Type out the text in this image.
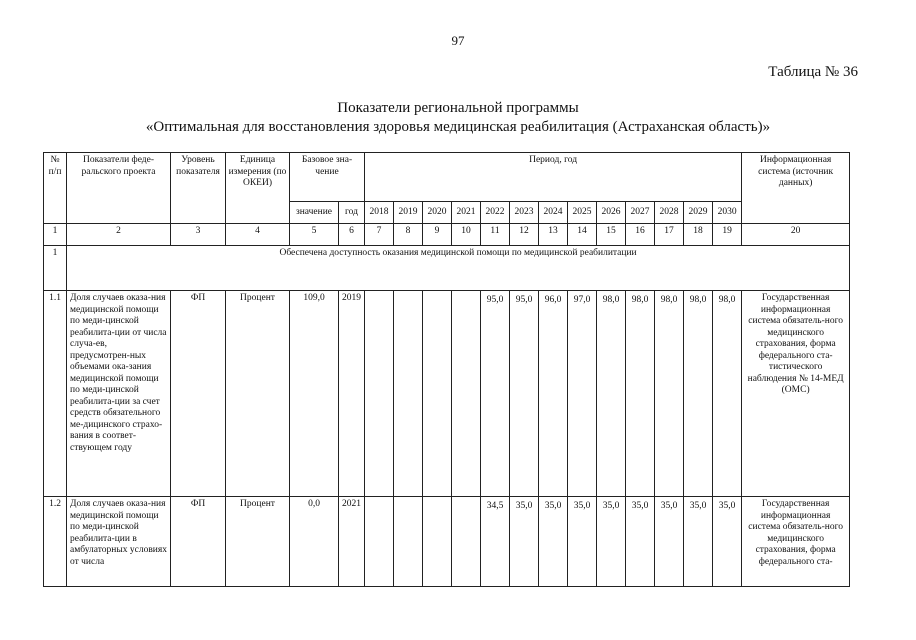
97
Таблица № 36
Показатели региональной программы
«Оптимальная для восстановления здоровья медицинская реабилитация (Астраханская область)»
№ п/п	Показатели феде-ральского проекта	Уровень показателя	Единица измерения (по ОКЕИ)	Базовое зна-чение		Период, год													Информационная система (источник данных)
				значение	год	2018	2019	2020	2021	2022	2023	2024	2025	2026	2027	2028	2029	2030	
1	2	3	4	5	6	7	8	9	10	11	12	13	14	15	16	17	18	19	20
1	Обеспечена доступность оказания медицинской помощи по медицинской реабилитации																		
1.1	Доля случаев оказа-ния медицинской помощи по меди-цинской реабилита-ции от числа случа-ев, предусмотрен-ных объемами ока-зания медицинской помощи по меди-цинской реабилита-ции за счет средств обязательного ме-дицинского страхо-вания в соответ-ствующем году	ФП	Процент	109,0	2019					95,0	95,0	96,0	97,0	98,0	98,0	98,0	98,0	98,0	Государственная информационная система обязатель-ного медицинского страхования, форма федерального ста-тистического наблюдения № 14-МЕД (ОМС)
1.2	Доля случаев оказа-ния медицинской помощи по меди-цинской реабилита-ции в амбулаторных условиях от числа	ФП	Процент	0,0	2021					34,5	35,0	35,0	35,0	35,0	35,0	35,0	35,0	35,0	Государственная информационная система обязатель-ного медицинского страхования, форма федерального ста-
